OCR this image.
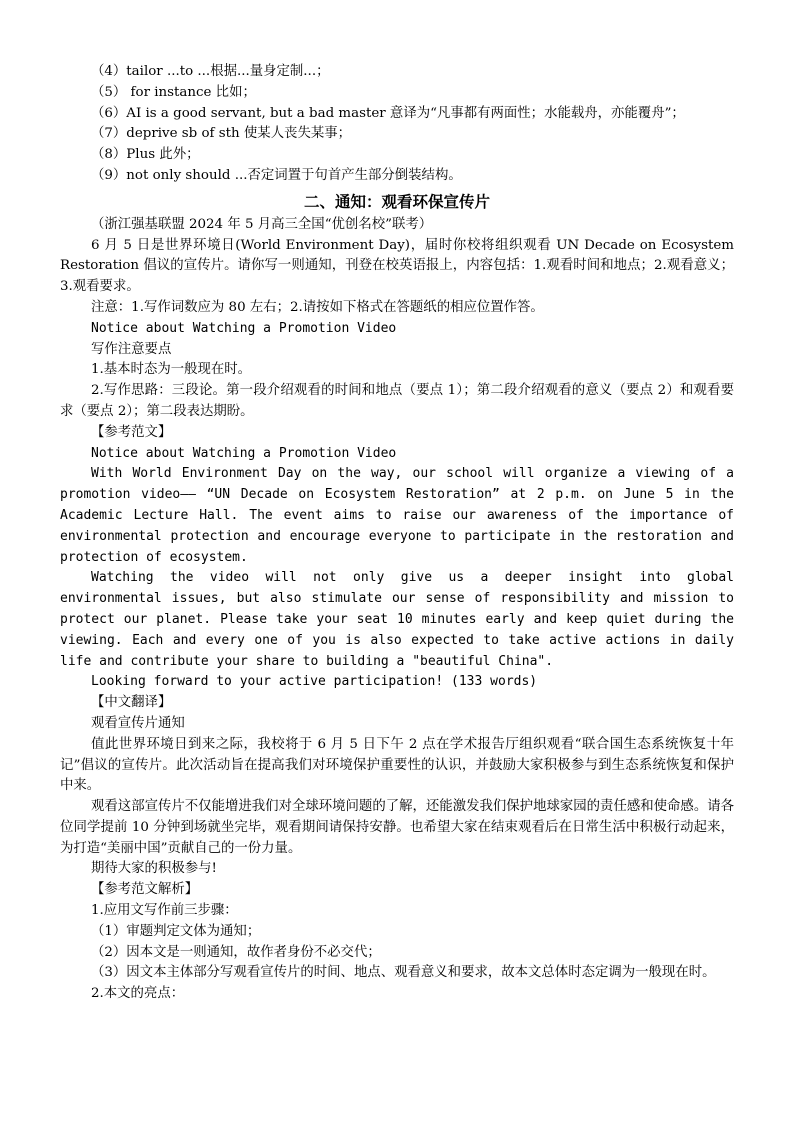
（4）tailor ...to ...根据...量身定制...；

（5） for instance 比如；

（6）AI is a good servant, but a bad master 意译为“凡事都有两面性；水能载舟，亦能覆舟”；

（7）deprive sb of sth 使某人丧失某事；

（8）Plus 此外；

（9）not only should ...否定词置于句首产生部分倒装结构。

二、通知：观看环保宣传片

（浙江强基联盟 2024 年 5 月高三全国“优创名校”联考）

6 月 5 日是世界环境日(World Environment Day)，届时你校将组织观看 UN Decade on Ecosystem Restoration 倡议的宣传片。请你写一则通知，刊登在校英语报上，内容包括：1.观看时间和地点；2.观看意义；3.观看要求。

注意：1.写作词数应为 80 左右；2.请按如下格式在答题纸的相应位置作答。

Notice about Watching a Promotion Video

写作注意要点

1.基本时态为一般现在时。

2.写作思路：三段论。第一段介绍观看的时间和地点（要点 1）；第二段介绍观看的意义（要点 2）和观看要求（要点 2）；第二段表达期盼。

【参考范文】

Notice about Watching a Promotion Video

With World Environment Day on the way, our school will organize a viewing of a promotion video—— “UN Decade on Ecosystem Restoration” at 2 p.m. on June 5 in the Academic Lecture Hall. The event aims to raise our awareness of the importance of environmental protection and encourage everyone to participate in the restoration and protection of ecosystem.

Watching the video will not only give us a deeper insight into global environmental issues, but also stimulate our sense of responsibility and mission to protect our planet. Please take your seat 10 minutes early and keep quiet during the viewing. Each and every one of you is also expected to take active actions in daily life and contribute your share to building a "beautiful China".

Looking forward to your active participation! (133 words)

【中文翻译】

观看宣传片通知

值此世界环境日到来之际，我校将于 6 月 5 日下午 2 点在学术报告厅组织观看“联合国生态系统恢复十年记”倡议的宣传片。此次活动旨在提高我们对环境保护重要性的认识，并鼓励大家积极参与到生态系统恢复和保护中来。

观看这部宣传片不仅能增进我们对全球环境问题的了解，还能激发我们保护地球家园的责任感和使命感。请各位同学提前 10 分钟到场就坐完毕，观看期间请保持安静。也希望大家在结束观看后在日常生活中积极行动起来，为打造“美丽中国”贡献自己的一份力量。

期待大家的积极参与!

【参考范文解析】

1.应用文写作前三步骤：

（1）审题判定文体为通知；

（2）因本文是一则通知，故作者身份不必交代；

（3）因文本主体部分写观看宣传片的时间、地点、观看意义和要求，故本文总体时态定调为一般现在时。

2.本文的亮点：
